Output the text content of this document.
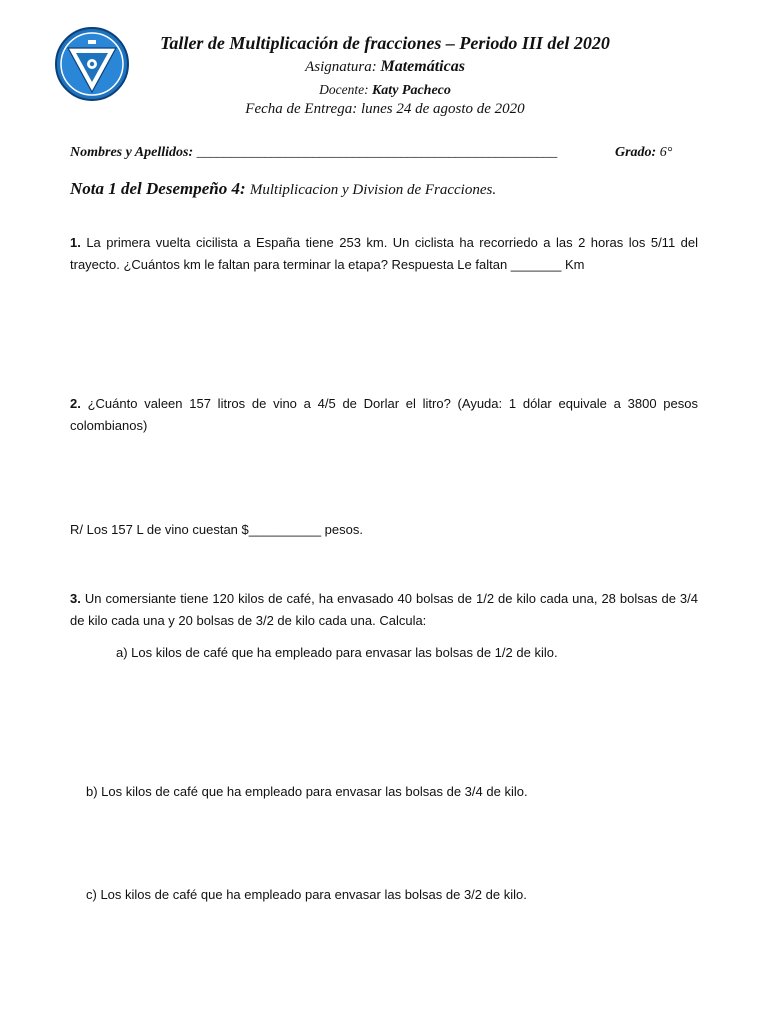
Taller de Multiplicación de fracciones – Periodo III del 2020
Asignatura: Matemáticas
Docente: Katy Pacheco
Fecha de Entrega: lunes 24 de agosto de 2020
Nombres y Apellidos: _____________________________________________________	Grado: 6°
Nota 1 del Desempeño 4: Multiplicacion y Division de Fracciones.
1. La primera vuelta cicilista a España tiene 253 km. Un ciclista ha recorriedo a las 2 horas los 5/11 del trayecto. ¿Cuántos km le faltan para terminar la etapa? Respuesta Le faltan _______ Km
2. ¿Cuánto valeen 157 litros de vino a 4/5 de Dorlar el litro? (Ayuda: 1 dólar equivale a 3800 pesos colombianos)
R/ Los 157 L de vino cuestan $__________ pesos.
3. Un comersiante tiene 120 kilos de café, ha envasado 40 bolsas de 1/2 de kilo cada una, 28 bolsas de 3/4 de kilo cada una y 20 bolsas de 3/2 de kilo cada una. Calcula:
a) Los kilos de café que ha empleado para envasar las bolsas de 1/2 de kilo.
b) Los kilos de café que ha empleado para envasar las bolsas de 3/4 de kilo.
c) Los kilos de café que ha empleado para envasar las bolsas de 3/2 de kilo.
